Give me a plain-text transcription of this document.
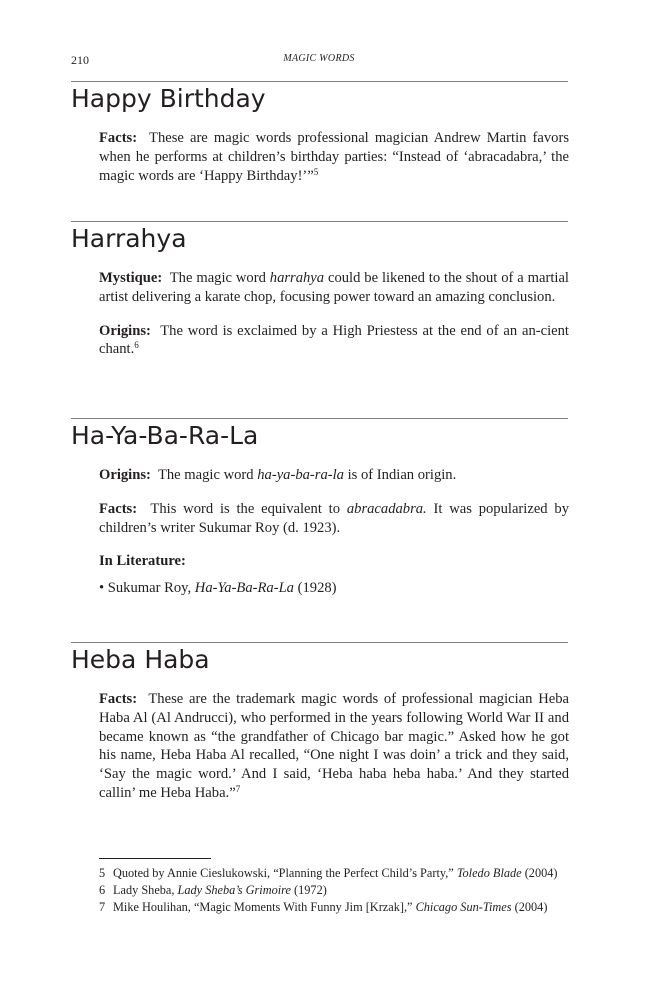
210	MAGIC WORDS
Happy Birthday

Facts: These are magic words professional magician Andrew Martin favors when he performs at children’s birthday parties: “Instead of ‘abracadabra,’ the magic words are ‘Happy Birthday!’”$^5$

Harrahya

Mystique: The magic word harrahya could be likened to the shout of a martial artist delivering a karate chop, focusing power toward an amazing conclusion.

Origins: The word is exclaimed by a High Priestess at the end of an an-cient chant.$^6$

Ha-Ya-Ba-Ra-La

Origins: The magic word ha-ya-ba-ra-la is of Indian origin.

Facts: This word is the equivalent to abracadabra. It was popularized by children’s writer Sukumar Roy (d. 1923).

In Literature:

• Sukumar Roy, Ha-Ya-Ba-Ra-La (1928)

Heba Haba

Facts: These are the trademark magic words of professional magician Heba Haba Al (Al Andrucci), who performed in the years following World War II and became known as “the grandfather of Chicago bar magic.” Asked how he got his name, Heba Haba Al recalled, “One night I was doin’ a trick and they said, ‘Say the magic word.’ And I said, ‘Heba haba heba haba.’ And they started callin’ me Heba Haba.”$^7$

5 Quoted by Annie Cieslukowski, “Planning the Perfect Child’s Party,” Toledo Blade (2004)

6 Lady Sheba, Lady Sheba’s Grimoire (1972)

7 Mike Houlihan, “Magic Moments With Funny Jim [Krzak],” Chicago Sun-Times (2004)
